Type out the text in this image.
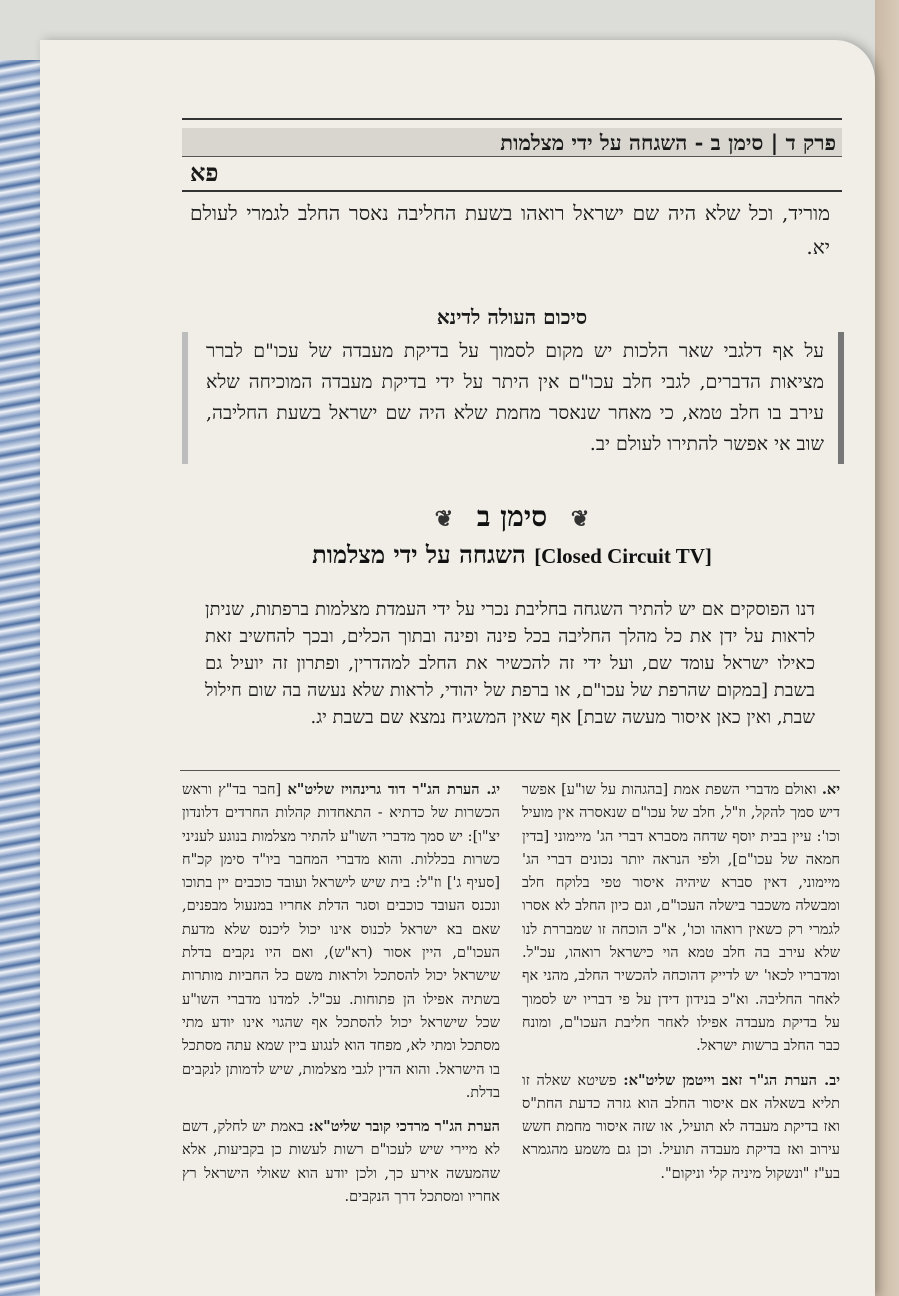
פרק ד | סימן ב - השגחה על ידי מצלמות
פא
מוריד, וכל שלא היה שם ישראל רואהו בשעת החליבה נאסר החלב לגמרי לעולם יא.
סיכום העולה לדינא
על אף דלגבי שאר הלכות יש מקום לסמוך על בדיקת מעבדה של עכו"ם לברר מציאות הדברים, לגבי חלב עכו"ם אין היתר על ידי בדיקת מעבדה המוכיחה שלא עירב בו חלב טמא, כי מאחר שנאסר מחמת שלא היה שם ישראל בשעת החליבה, שוב אי אפשר להתירו לעולם יב.
❦ סימן ב ❦
השגחה על ידי מצלמות [Closed Circuit TV]
דנו הפוסקים אם יש להתיר השגחה בחליבת נכרי על ידי העמדת מצלמות ברפתות, שניתן לראות על ידן את כל מהלך החליבה בכל פינה ופינה ובתוך הכלים, ובכך להחשיב זאת כאילו ישראל עומד שם, ועל ידי זה להכשיר את החלב למהדרין, ופתרון זה יועיל גם בשבת [במקום שהרפת של עכו"ם, או ברפת של יהודי, לראות שלא נעשה בה שום חילול שבת, ואין כאן איסור מעשה שבת] אף שאין המשגיח נמצא שם בשבת יג.

יא. ואולם מדברי השפת אמת [בהגהות על שו"ע] אפשר דיש סמך להקל, וז"ל, חלב של עכו"ם שנאסרה אין מועיל וכו': עיין בבית יוסף שדחה מסברא דברי הג' מיימוני [בדין חמאה של עכו"ם], ולפי הנראה יותר נכונים דברי הג' מיימוני, דאין סברא שיהיה איסור טפי בלוקח חלב ומבשלה משכבר בישלה העכו"ם, וגם כיון החלב לא אסרו לגמרי רק כשאין רואהו וכו', א"כ הוכחה זו שמבררת לנו שלא עירב בה חלב טמא הוי כישראל רואהו, עכ"ל. ומדבריו לכאו' יש לדייק דהוכחה להכשיר החלב, מהני אף לאחר החליבה. וא"כ בנידון דידן על פי דבריו יש לסמוך על בדיקת מעבדה אפילו לאחר חליבת העכו"ם, ומונח כבר החלב ברשות ישראל.

יב. הערת הג"ר זאב וייטמן שליט"א: פשיטא שאלה זו תליא בשאלה אם איסור החלב הוא גזרה כדעת החת"ס ואז בדיקת מעבדה לא תועיל, או שזה איסור מחמת חשש עירוב ואז בדיקת מעבדה תועיל. וכן גם משמע מהגמרא בע"ז "ונשקול מיניה קלי וניקום".

יג. הערת הג"ר דוד גרינהויז שליט"א [חבר בד"ץ וראש הכשרות של כדתיא - התאחדות קהלות החרדים דלונדון יצ"ו]: יש סמך מדברי השו"ע להתיר מצלמות בנוגע לעניני כשרות בכללות. והוא מדברי המחבר ביו"ד סימן קכ"ח [סעיף ג'] וז"ל: בית שיש לישראל ועובד כוכבים יין בתוכו ונכנס העובד כוכבים וסגר הדלת אחריו במנעול מבפנים, שאם בא ישראל לכנוס אינו יכול ליכנס שלא מדעת העכו"ם, היין אסור (רא"ש), ואם היו נקבים בדלת שישראל יכול להסתכל ולראות משם כל החביות מותרות בשתיה אפילו הן פתוחות. עכ"ל. למדנו מדברי השו"ע שכל שישראל יכול להסתכל אף שהגוי אינו יודע מתי מסתכל ומתי לא, מפחד הוא לנגוע ביין שמא עתה מסתכל בו הישראל. והוא הדין לגבי מצלמות, שיש לדמותן לנקבים בדלת.

הערת הג"ר מרדכי קובר שליט"א: באמת יש לחלק, דשם לא מיירי שיש לעכו"ם רשות לעשות כן בקביעות, אלא שהמעשה אירע כך, ולכן יודע הוא שאולי הישראל רץ אחריו ומסתכל דרך הנקבים.
